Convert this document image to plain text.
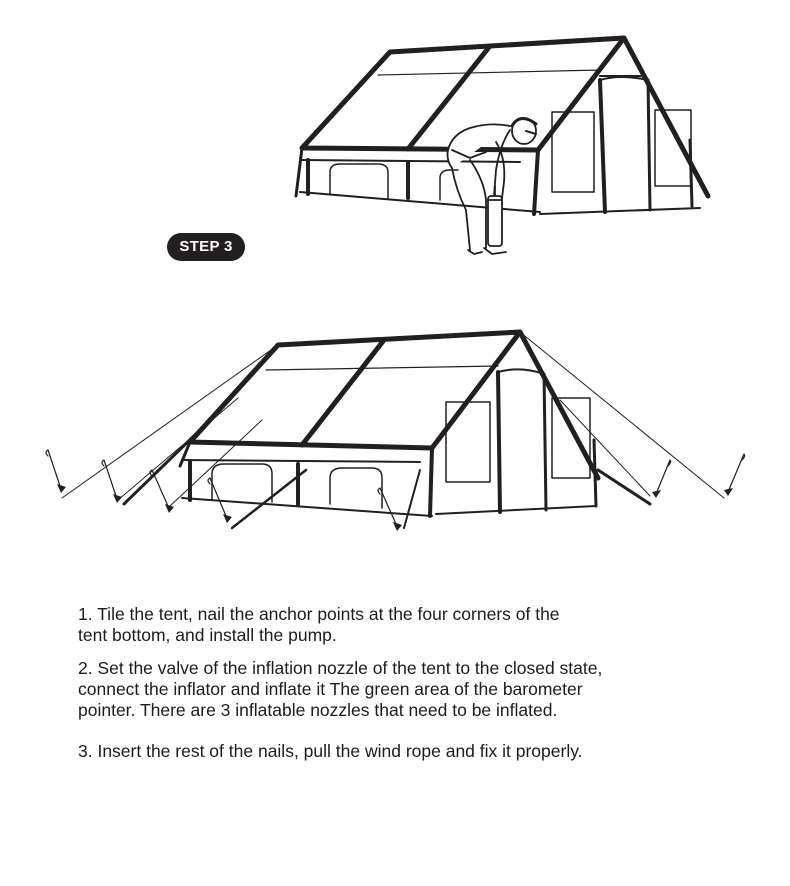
STEP 3

1. Tile the tent, nail the anchor points at the four corners of the
tent bottom, and install the pump.

2. Set the valve of the inflation nozzle of the tent to the closed state,
connect the inflator and inflate it The green area of the barometer
pointer. There are 3 inflatable nozzles that need to be inflated.

3. Insert the rest of the nails, pull the wind rope and fix it properly.
